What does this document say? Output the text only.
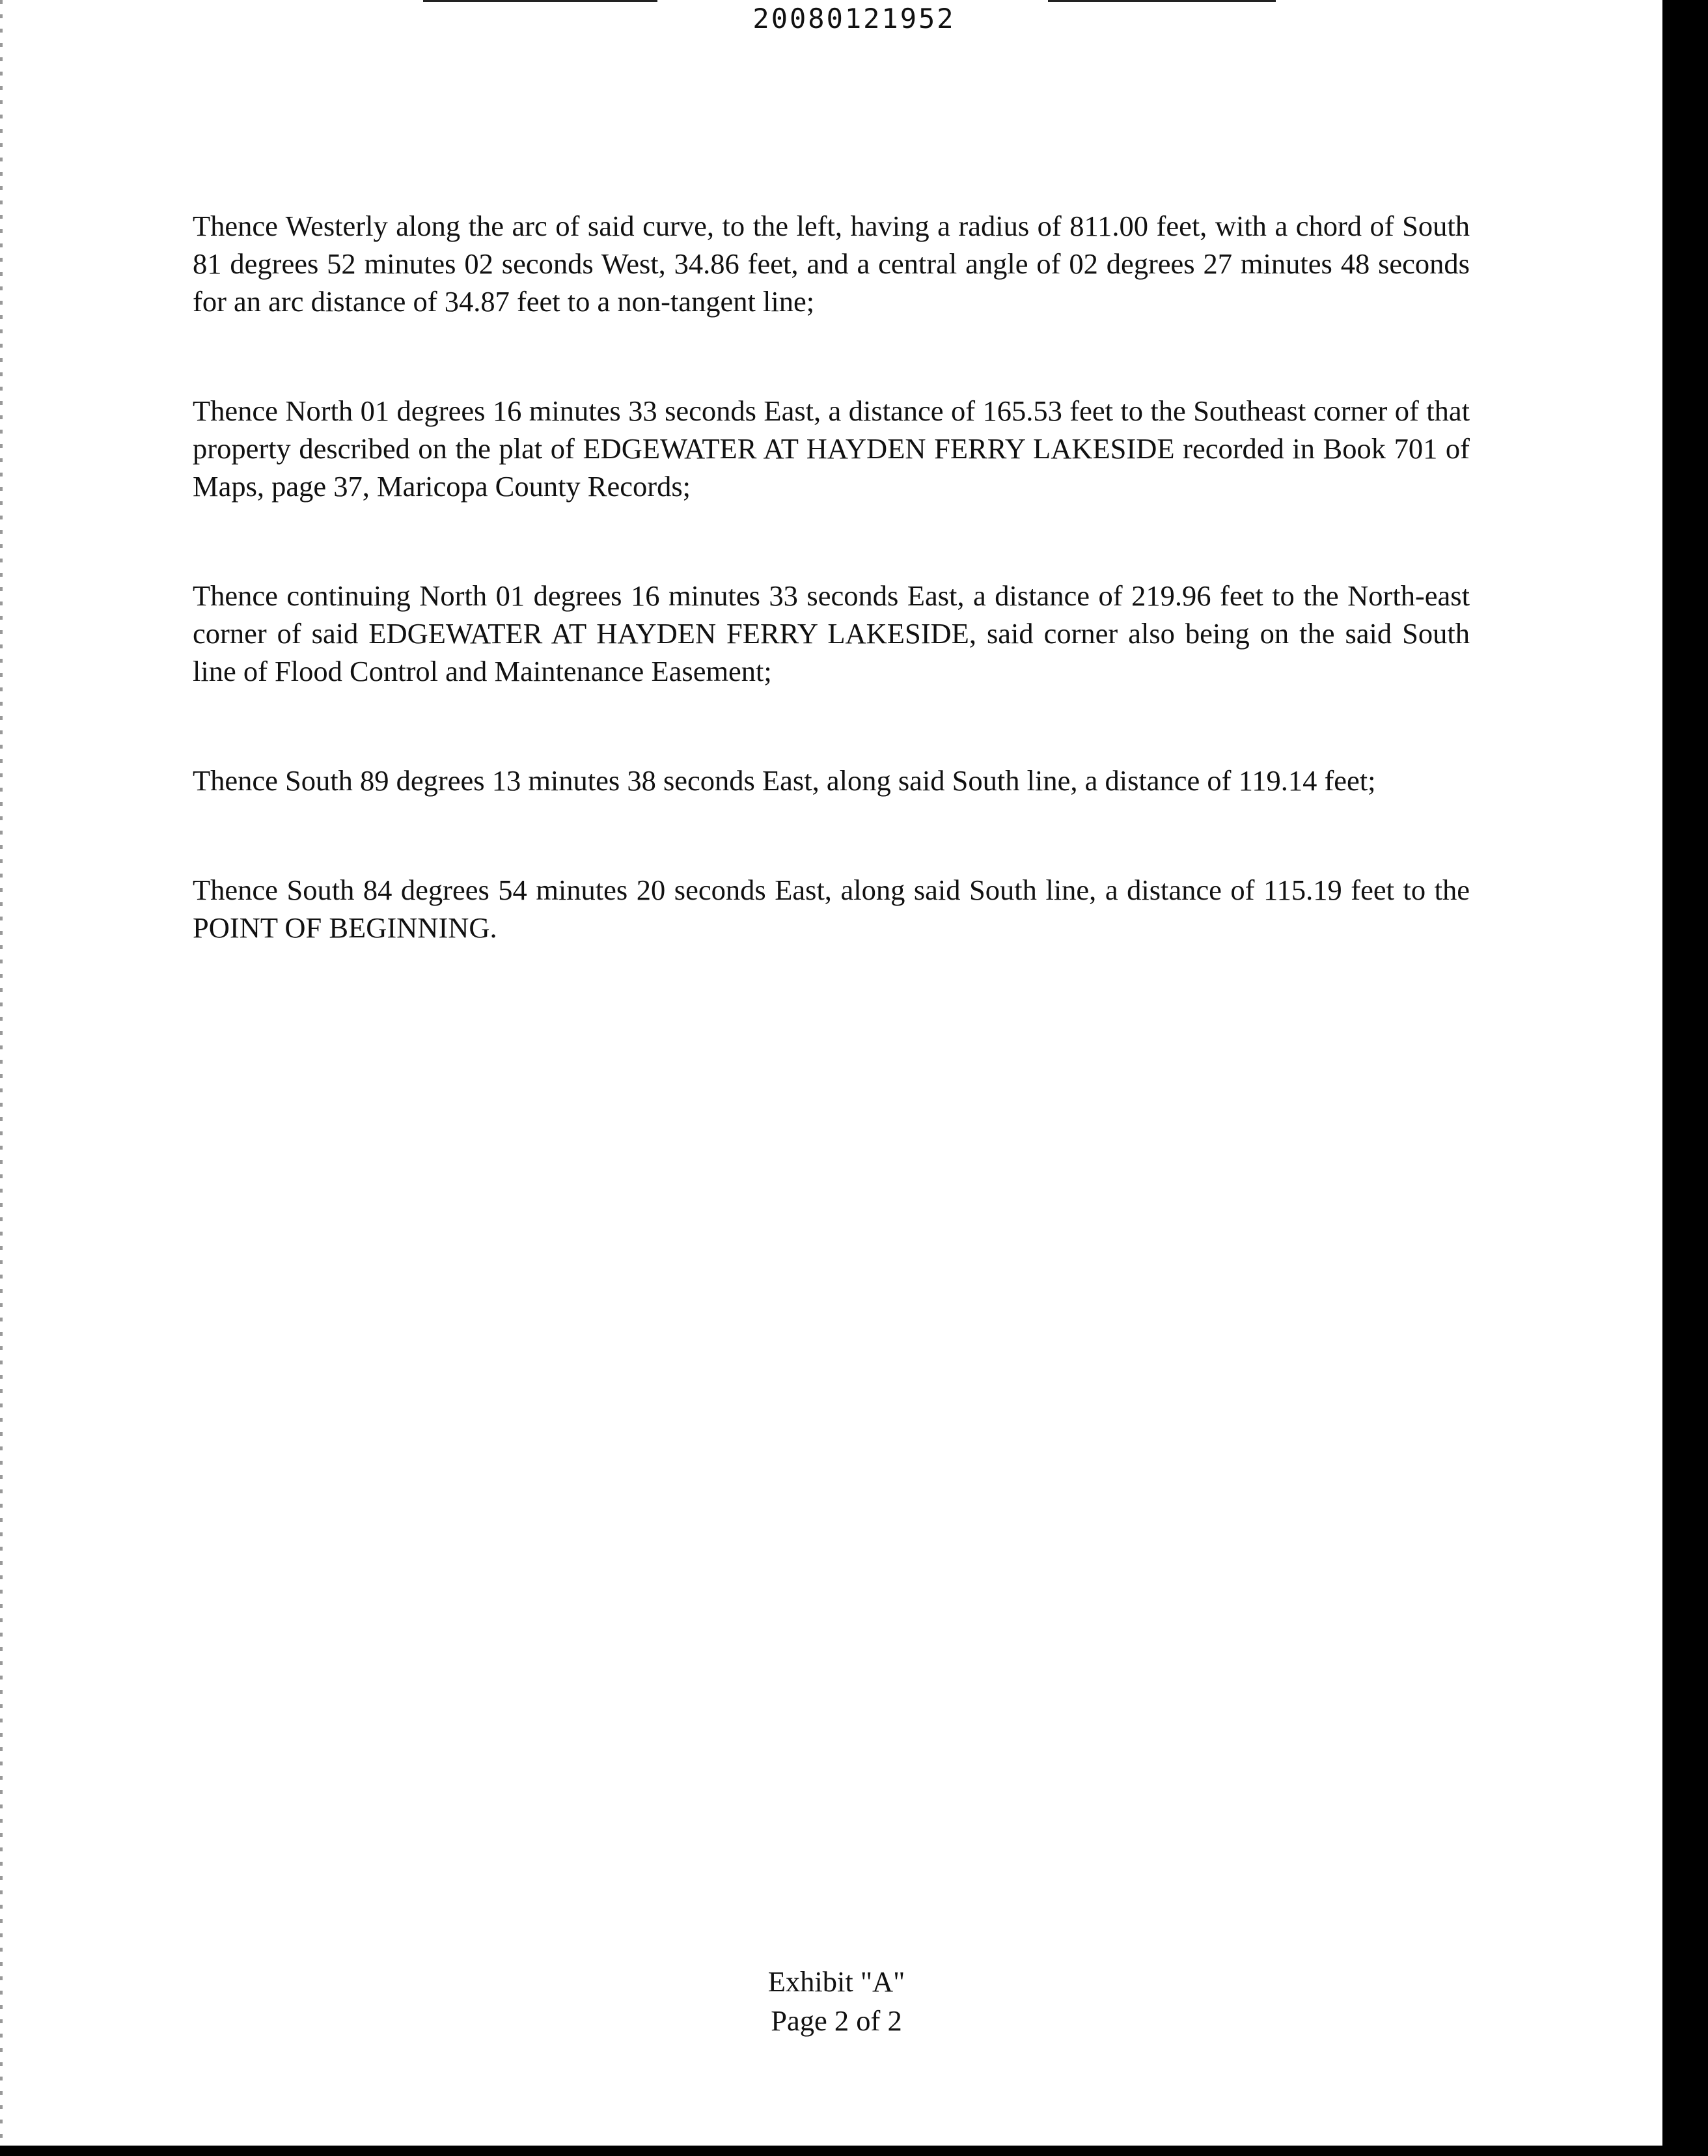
20080121952

Thence Westerly along the arc of said curve, to the left, having a radius of 811.00 feet, with a chord of South 81 degrees 52 minutes 02 seconds West, 34.86 feet, and a central angle of 02 degrees 27 minutes 48 seconds for an arc distance of 34.87 feet to a non-tangent line;

Thence North 01 degrees 16 minutes 33 seconds East, a distance of 165.53 feet to the Southeast corner of that property described on the plat of EDGEWATER AT HAYDEN FERRY LAKESIDE recorded in Book 701 of Maps, page 37, Maricopa County Records;

Thence continuing North 01 degrees 16 minutes 33 seconds East, a distance of 219.96 feet to the North-east corner of said EDGEWATER AT HAYDEN FERRY LAKESIDE, said corner also being on the said South line of Flood Control and Maintenance Easement;

Thence South 89 degrees 13 minutes 38 seconds East, along said South line, a distance of 119.14 feet;

Thence South 84 degrees 54 minutes 20 seconds East, along said South line, a distance of 115.19 feet to the POINT OF BEGINNING.

Exhibit "A"
Page 2 of 2
